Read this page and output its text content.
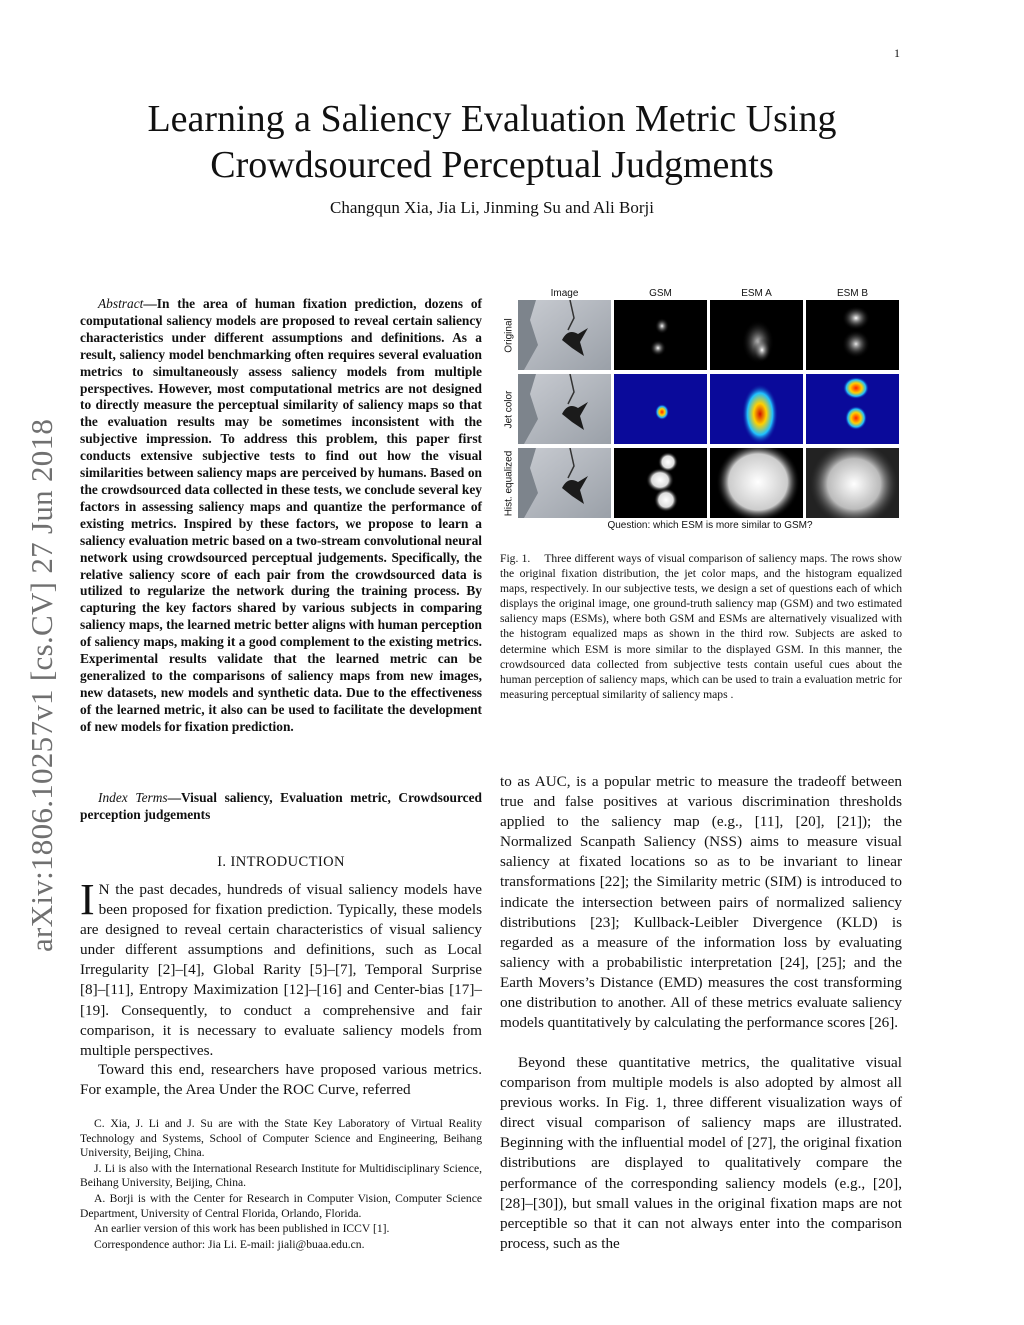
1
Learning a Saliency Evaluation Metric Using
Crowdsourced Perceptual Judgments
Changqun Xia, Jia Li, Jinming Su and Ali Borji
arXiv:1806.10257v1 [cs.CV] 27 Jun 2018
Abstract—In the area of human fixation prediction, dozens of computational saliency models are proposed to reveal certain saliency characteristics under different assumptions and definitions. As a result, saliency model benchmarking often requires several evaluation metrics to simultaneously assess saliency models from multiple perspectives. However, most computational metrics are not designed to directly measure the perceptual similarity of saliency maps so that the evaluation results may be sometimes inconsistent with the subjective impression. To address this problem, this paper first conducts extensive subjective tests to find out how the visual similarities between saliency maps are perceived by humans. Based on the crowdsourced data collected in these tests, we conclude several key factors in assessing saliency maps and quantize the performance of existing metrics. Inspired by these factors, we propose to learn a saliency evaluation metric based on a two-stream convolutional neural network using crowdsourced perceptual judgements. Specifically, the relative saliency score of each pair from the crowdsourced data is utilized to regularize the network during the training process. By capturing the key factors shared by various subjects in comparing saliency maps, the learned metric better aligns with human perception of saliency maps, making it a good complement to the existing metrics. Experimental results validate that the learned metric can be generalized to the comparisons of saliency maps from new images, new datasets, new models and synthetic data. Due to the effectiveness of the learned metric, it also can be used to facilitate the development of new models for fixation prediction.
Index Terms—Visual saliency, Evaluation metric, Crowdsourced perception judgements
I. INTRODUCTION
I N the past decades, hundreds of visual saliency models have been proposed for fixation prediction. Typically, these models are designed to reveal certain characteristics of visual saliency under different assumptions and definitions, such as Local Irregularity [2]–[4], Global Rarity [5]–[7], Temporal Surprise [8]–[11], Entropy Maximization [12]–[16] and Center-bias [17]–[19]. Consequently, to conduct a comprehensive and fair comparison, it is necessary to evaluate saliency models from multiple perspectives.
Toward this end, researchers have proposed various metrics. For example, the Area Under the ROC Curve, referred

C. Xia, J. Li and J. Su are with the State Key Laboratory of Virtual Reality Technology and Systems, School of Computer Science and Engineering, Beihang University, Beijing, China.

J. Li is also with the International Research Institute for Multidisciplinary Science, Beihang University, Beijing, China.

A. Borji is with the Center for Research in Computer Vision, Computer Science Department, University of Central Florida, Orlando, Florida.

An earlier version of this work has been published in ICCV [1].

Correspondence author: Jia Li. E-mail: jiali@buaa.edu.cn.

Image	GSM	ESM A	ESM B
Original
Jet color
Hist. equalized
Question: which ESM is more similar to GSM?
Fig. 1. Three different ways of visual comparison of saliency maps. The rows show the original fixation distribution, the jet color maps, and the histogram equalized maps, respectively. In our subjective tests, we design a set of questions each of which displays the original image, one ground-truth saliency map (GSM) and two estimated saliency maps (ESMs), where both GSM and ESMs are alternatively visualized with the histogram equalized maps as shown in the third row. Subjects are asked to determine which ESM is more similar to the displayed GSM. In this manner, the crowdsourced data collected from subjective tests contain useful cues about the human perception of saliency maps, which can be used to train a evaluation metric for measuring perceptual similarity of saliency maps .
to as AUC, is a popular metric to measure the tradeoff between true and false positives at various discrimination thresholds applied to the saliency map (e.g., [11], [20], [21]); the Normalized Scanpath Saliency (NSS) aims to measure visual saliency at fixated locations so as to be invariant to linear transformations [22]; the Similarity metric (SIM) is introduced to indicate the intersection between pairs of normalized saliency distributions [23]; Kullback-Leibler Divergence (KLD) is regarded as a measure of the information loss by evaluating saliency with a probabilistic interpretation [24], [25]; and the Earth Movers’s Distance (EMD) measures the cost transforming one distribution to another. All of these metrics evaluate saliency models quantitatively by calculating the performance scores [26].
Beyond these quantitative metrics, the qualitative visual comparison from multiple models is also adopted by almost all previous works. In Fig. 1, three different visualization ways of direct visual comparison of saliency maps are illustrated. Beginning with the influential model of [27], the original fixation distributions are displayed to qualitatively compare the performance of the corresponding saliency models (e.g., [20], [28]–[30]), but small values in the original fixation maps are not perceptible so that it can not always enter into the comparison process, such as the
